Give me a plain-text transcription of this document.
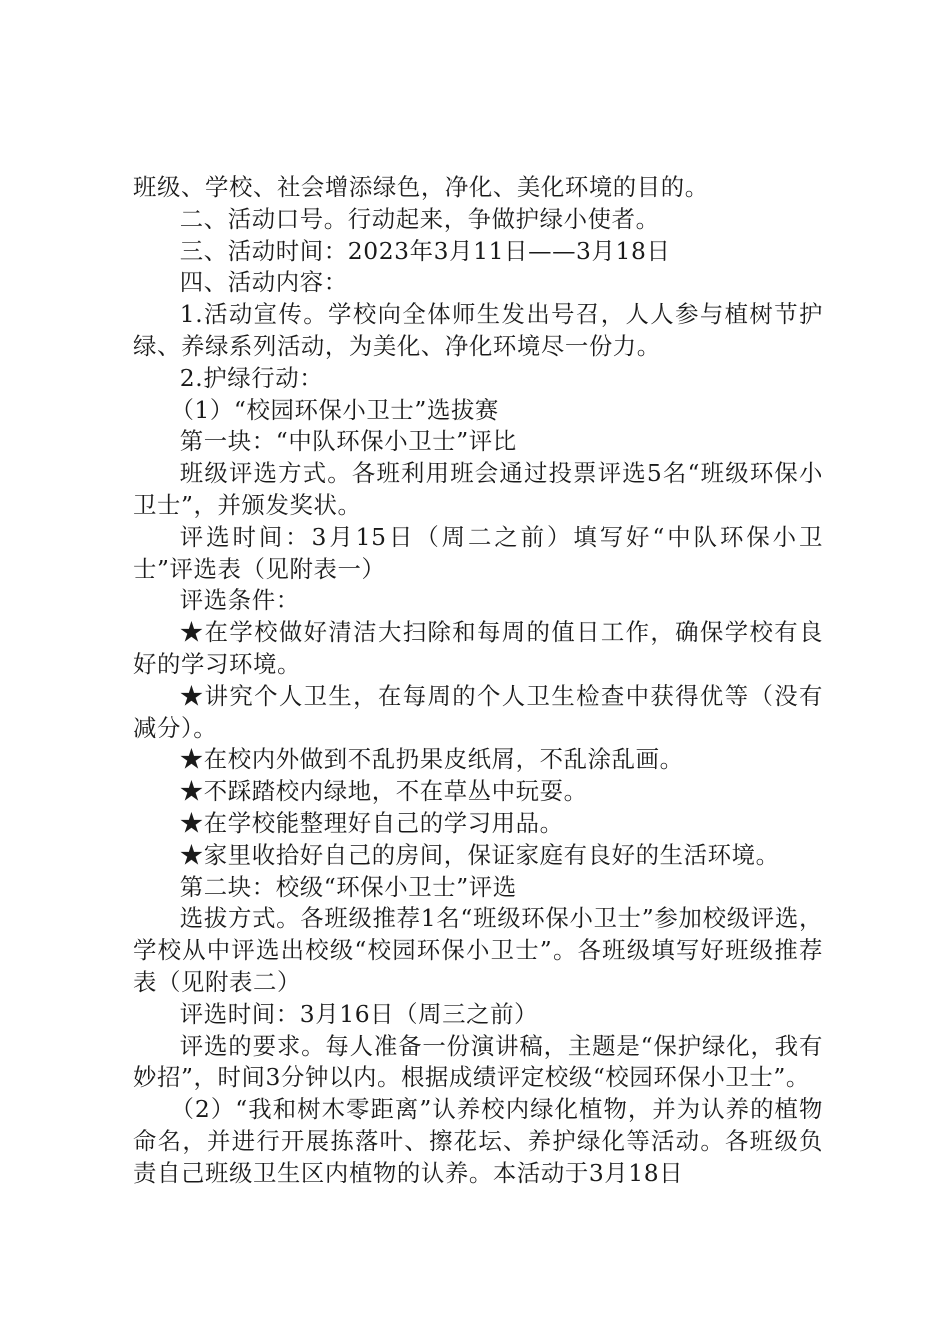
班级、学校、社会增添绿色，净化、美化环境的目的。

二、活动口号。行动起来，争做护绿小使者。

三、活动时间：2023年3月11日——3月18日

四、活动内容：

1.活动宣传。学校向全体师生发出号召，人人参与植树节护绿、养绿系列活动，为美化、净化环境尽一份力。

2.护绿行动：

（1）“校园环保小卫士”选拔赛

第一块：“中队环保小卫士”评比

班级评选方式。各班利用班会通过投票评选5名“班级环保小卫士”，并颁发奖状。

评选时间：3月15日（周二之前）填写好“中队环保小卫士”评选表（见附表一）

评选条件：

★在学校做好清洁大扫除和每周的值日工作，确保学校有良好的学习环境。

★讲究个人卫生，在每周的个人卫生检查中获得优等（没有减分）。

★在校内外做到不乱扔果皮纸屑，不乱涂乱画。

★不踩踏校内绿地，不在草丛中玩耍。

★在学校能整理好自己的学习用品。

★家里收拾好自己的房间，保证家庭有良好的生活环境。

第二块：校级“环保小卫士”评选

选拔方式。各班级推荐1名“班级环保小卫士”参加校级评选，学校从中评选出校级“校园环保小卫士”。各班级填写好班级推荐表（见附表二）

评选时间：3月16日（周三之前）

评选的要求。每人准备一份演讲稿，主题是“保护绿化，我有妙招”，时间3分钟以内。根据成绩评定校级“校园环保小卫士”。

（2）“我和树木零距离”认养校内绿化植物，并为认养的植物命名，并进行开展拣落叶、擦花坛、养护绿化等活动。各班级负责自己班级卫生区内植物的认养。本活动于3月18日
